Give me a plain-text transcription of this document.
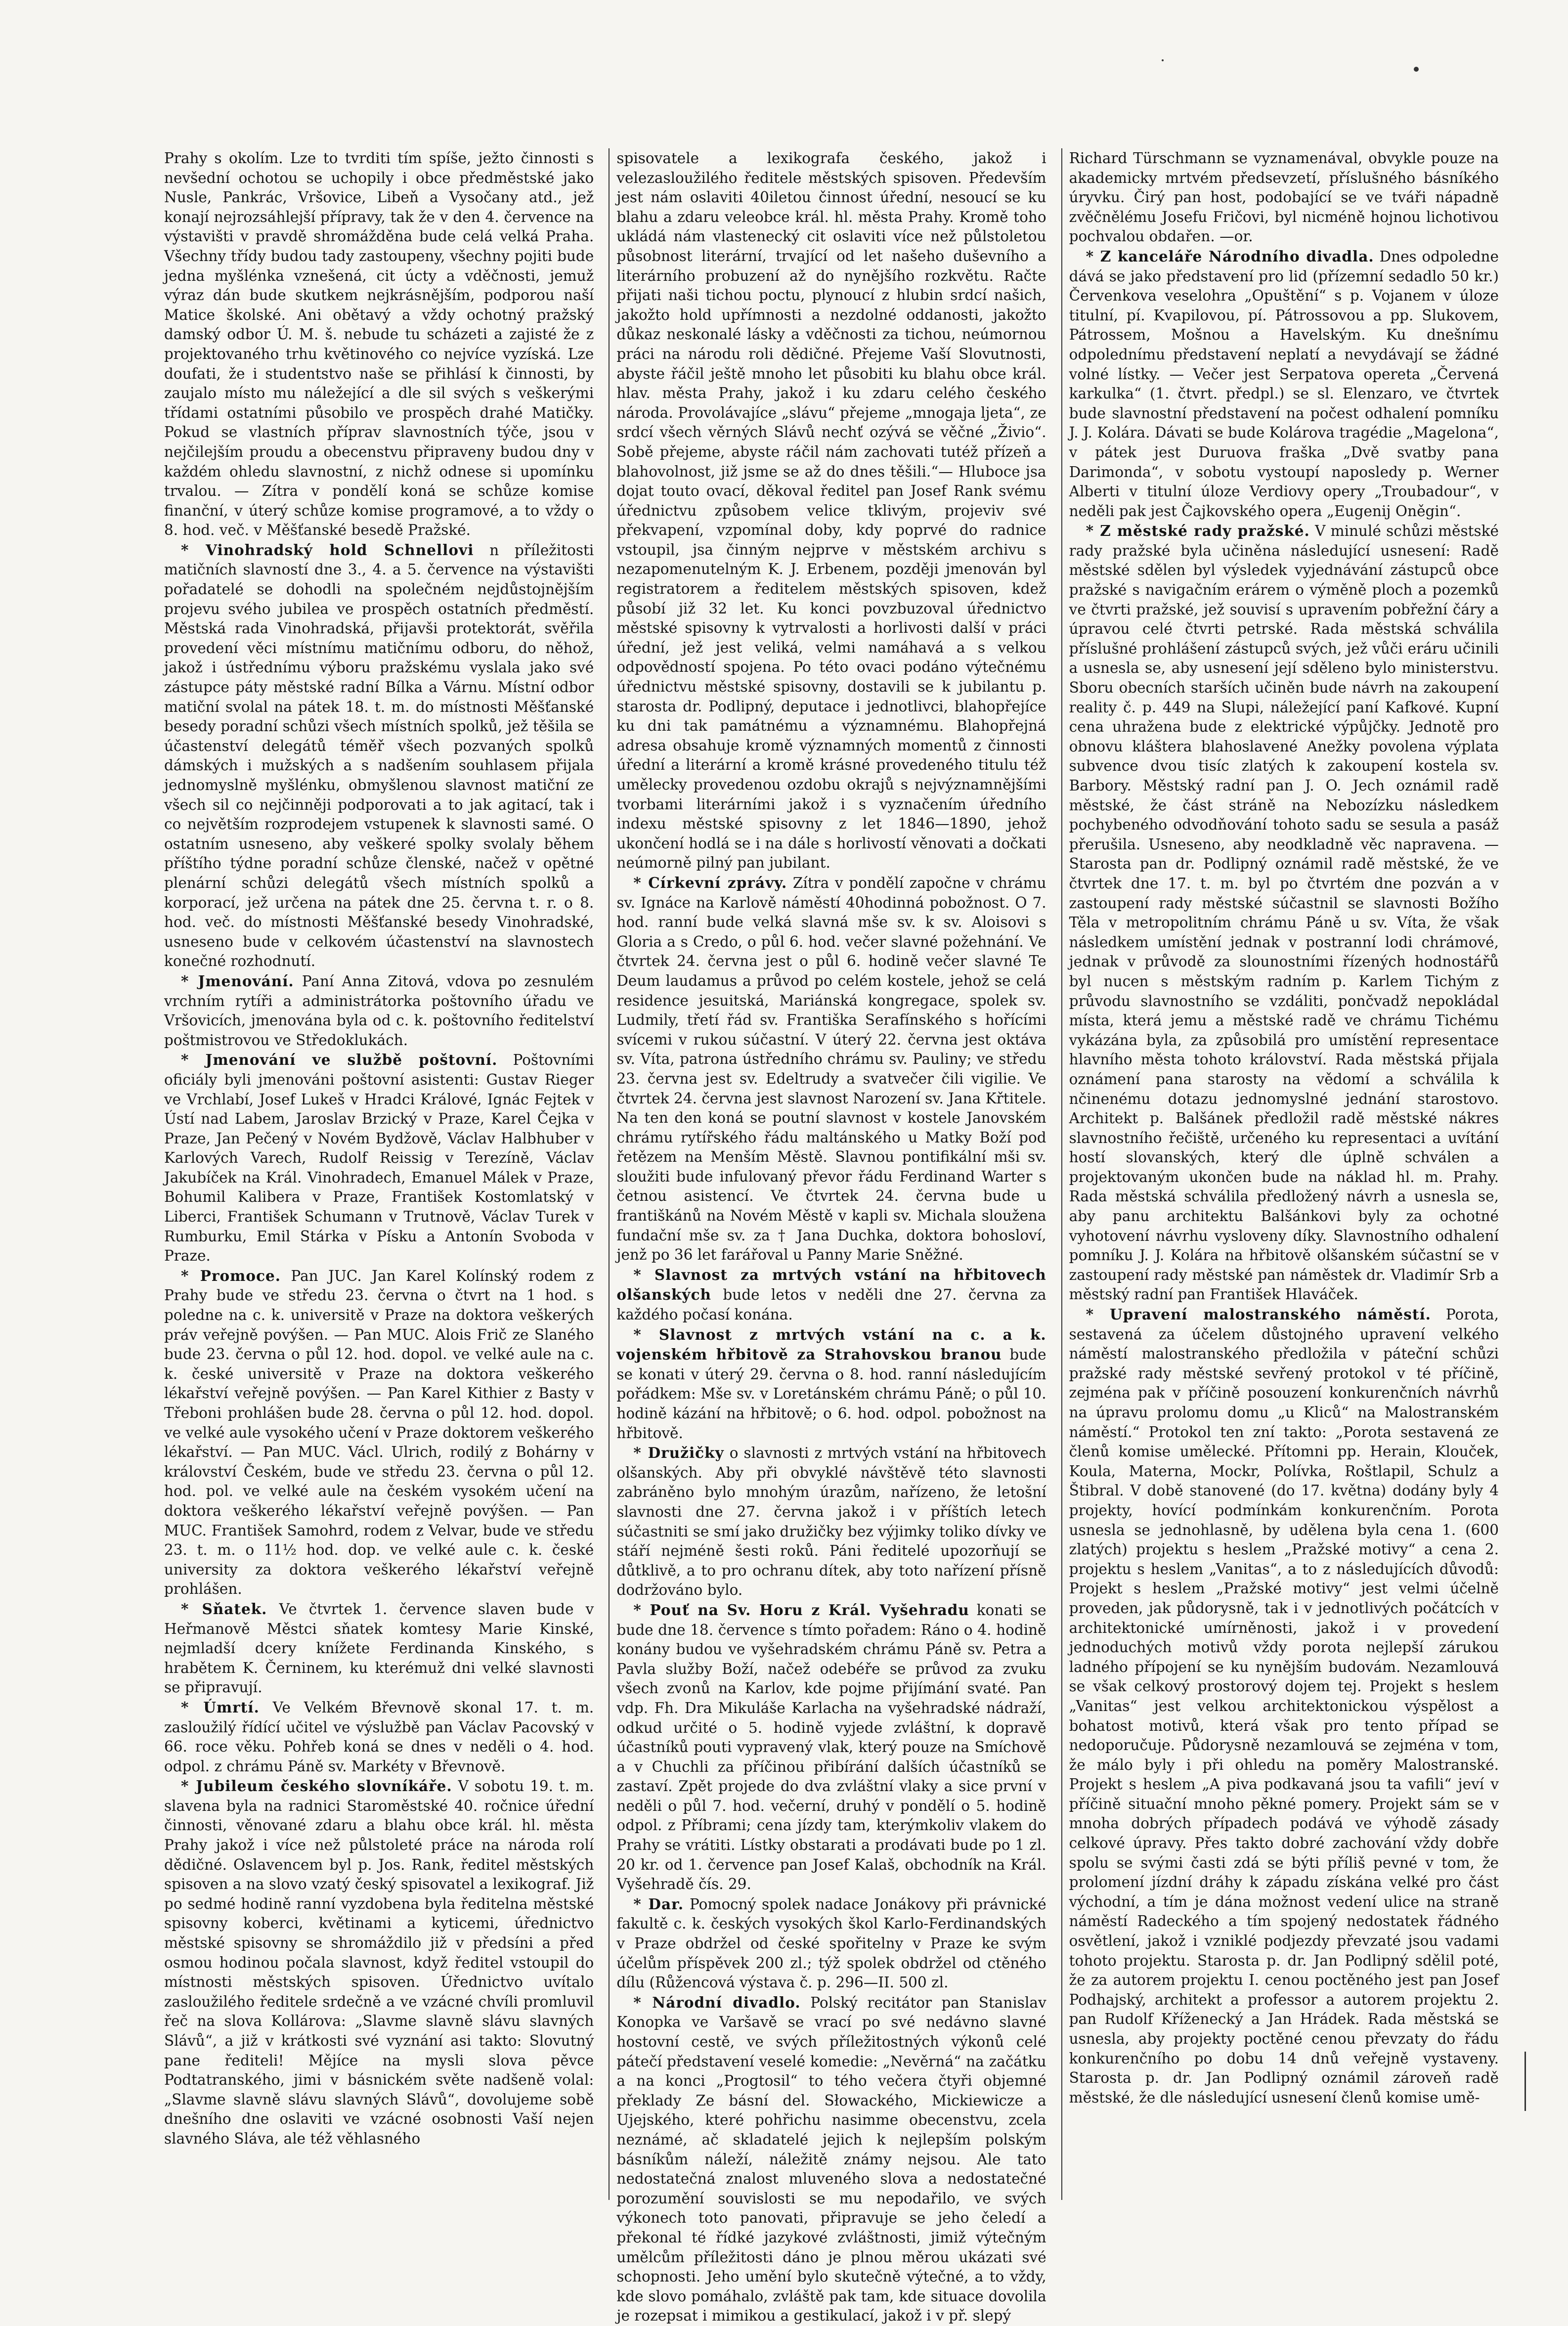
Prahy s okolím. Lze to tvrditi tím spíše, ježto činnosti s nevšední ochotou se uchopily i obce předměstské jako Nusle, Pankrác, Vršovice, Libeň a Vysočany atd., jež konají nejrozsáhlejší přípravy, tak že v den 4. července na výstavišti v pravdě shromážděna bude celá velká Praha. Všechny třídy budou tady zastoupeny, všechny pojiti bude jedna myšlénka vznešená, cit úcty a vděčnosti, jemuž výraz dán bude skutkem nejkrásnějším, podporou naší Matice školské. Ani obětavý a vždy ochotný pražský damský odbor Ú. M. š. nebude tu scházeti a zajisté že z projektovaného trhu květinového co nejvíce vyzíská. Lze doufati, že i studentstvo naše se přihlásí k činnosti, by zaujalo místo mu náležející a dle sil svých s veškerými třídami ostatními působilo ve prospěch drahé Matičky. Pokud se vlastních příprav slavnostních týče, jsou v nejčilejším proudu a obecenstvu připraveny budou dny v každém ohledu slavnostní, z nichž odnese si upomínku trvalou. — Zítra v pondělí koná se schůze komise finanční, v úterý schůze komise programové, a to vždy o 8. hod. več. v Měšťanské besedě Pražské.

* Vinohradský hold Schnellovi n příležitosti matičních slavností dne 3., 4. a 5. července na výstavišti pořadatelé se dohodli na společném nejdůstojnějším projevu svého jubilea ve prospěch ostatních předměstí. Městská rada Vinohradská, přijavši protektorát, svěřila provedení věci místnímu matičnímu odboru, do něhož, jakož i ústřednímu výboru pražskému vyslala jako své zástupce páty městské radní Bílka a Várnu. Místní odbor matiční svolal na pátek 18. t. m. do místnosti Měšťanské besedy poradní schůzi všech místních spolků, jež těšila se účastenství delegátů téměř všech pozvaných spolků dámských i mužských a s nadšením souhlasem přijala jednomyslně myšlénku, obmyšlenou slavnost matiční ze všech sil co nejčinněji podporovati a to jak agitací, tak i co největším rozprodejem vstupenek k slavnosti samé. O ostatním usneseno, aby veškeré spolky svolaly během příštího týdne poradní schůze členské, načež v opětné plenární schůzi delegátů všech místních spolků a korporací, jež určena na pátek dne 25. června t. r. o 8. hod. več. do místnosti Měšťanské besedy Vinohradské, usneseno bude v celkovém účastenství na slavnostech konečné rozhodnutí.

* Jmenování. Paní Anna Zitová, vdova po zesnulém vrchním rytíři a administrátorka poštovního úřadu ve Vršovicích, jmenována byla od c. k. poštovního ředitelství poštmistrovou ve Středoklukách.

* Jmenování ve službě poštovní. Poštovními oficiály byli jmenováni poštovní asistenti: Gustav Rieger ve Vrchlabí, Josef Lukeš v Hradci Králové, Ignác Fejtek v Ústí nad Labem, Jaroslav Brzický v Praze, Karel Čejka v Praze, Jan Pečený v Novém Bydžově, Václav Halbhuber v Karlových Varech, Rudolf Reissig v Terezíně, Václav Jakubíček na Král. Vinohradech, Emanuel Málek v Praze, Bohumil Kaliberа v Praze, František Kostomlatský v Liberci, František Schumann v Trutnově, Václav Turek v Rumburku, Emil Stárka v Písku a Antonín Svoboda v Praze.

* Promoce. Pan JUC. Jan Karel Kolínský rodem z Prahy bude ve středu 23. června o čtvrt na 1 hod. s poledne na c. k. universitě v Praze na doktora veškerých práv veřejně povýšen. — Pan MUC. Alois Frič ze Slaného bude 23. června o půl 12. hod. dopol. ve velké aule na c. k. české universitě v Praze na doktora veškerého lékařství veřejně povýšen. — Pan Karel Kithier z Basty v Třeboni prohlášen bude 28. června o půl 12. hod. dopol. ve velké aule vysokého učení v Praze doktorem veškerého lékařství. — Pan MUC. Václ. Ulrich, rodilý z Bohárny v království Českém, bude ve středu 23. června o půl 12. hod. pol. ve velké aule na českém vysokém učení na doktora veškerého lékařství veřejně povýšen. — Pan MUC. František Samohrd, rodem z Velvar, bude ve středu 23. t. m. o 11½ hod. dop. ve velké aule c. k. české university za doktora veškerého lékařství veřejně prohlášen.

* Sňatek. Ve čtvrtek 1. července slaven bude v Heřmanově Městci sňatek komtesy Marie Kinské, nejmladší dcery knížete Ferdinanda Kinského, s hrabětem K. Černinem, ku kterémuž dni velké slavnosti se připravují.

* Úmrtí. Ve Velkém Břevnově skonal 17. t. m. zasloužilý řídící učitel ve výslužbě pan Václav Pacovský v 66. roce věku. Pohřeb koná se dnes v neděli o 4. hod. odpol. z chrámu Páně sv. Markéty v Břevnově.

* Jubileum českého slovníkáře. V sobotu 19. t. m. slavena byla na radnici Staroměstské 40. ročnice úřední činnosti, věnované zdaru a blahu obce král. hl. města Prahy jakož i více než půlstoleté práce na národa rolí dědičné. Oslavencem byl p. Jos. Rank, ředitel městských spisoven a na slovo vzatý český spisovatel a lexikograf. Již po sedmé hodině ranní vyzdobena byla ředitelna městské spisovny koberci, květinami a kyticemi, úřednictvo městské spisovny se shromáždilo již v předsíni a před osmou hodinou počala slavnost, když ředitel vstoupil do místnosti městských spisoven. Úřednictvo uvítalo zasloužilého ředitele srdečně a ve vzácné chvíli promluvil řeč na slova Kollárova: „Slavme slavně slávu slavných Slávů“, a již v krátkosti své vyznání asi takto: Slovutný pane řediteli! Mějíce na mysli slova pěvce Podtatranského, jimi v básnickém světe nadšeně volal: „Slavme slavně slávu slavných Slávů“, dovolujeme sobě dnešního dne oslaviti ve vzácné osobnosti Vaší nejen slavného Sláva, ale též věhlasného

spisovatele a lexikografa českého, jakož i velezasloužilého ředitele městských spisoven. Především jest nám oslaviti 40iletou činnost úřední, nesoucí se ku blahu a zdaru veleobce král. hl. města Prahy. Kromě toho ukládá nám vlastenecký cit oslaviti více než půlstoletou působnost literární, trvající od let našeho duševního a literárního probuzení až do nynějšího rozkvětu. Račte přijati naši tichou poctu, plynoucí z hlubin srdcí našich, jakožto hold upřímnosti a nezdolné oddanosti, jakožto důkaz neskonalé lásky a vděčnosti za tichou, neúmornou práci na národu roli dědičné. Přejeme Vaší Slovutnosti, abyste řáčil ještě mnoho let působiti ku blahu obce král. hlav. města Prahy, jakož i ku zdaru celého českého národa. Provolávajíce „slávu“ přejeme „mnogaja ljeta“, ze srdcí všech věrných Slávů nechť ozývá se věčné „Živio“. Sobě přejeme, abyste ráčil nám zachovati tutéž přízeň a blahovolnost, již jsme se až do dnes těšili.“— Hluboce jsa dojat touto ovací, děkoval ředitel pan Josef Rank svému úřednictvu způsobem velice tklivým, projeviv své překvapení, vzpomínal doby, kdy poprvé do radnice vstoupil, jsa činným nejprve v městském archivu s nezapomenutelným K. J. Erbenem, později jmenován byl registratorem a ředitelem městských spisoven, kdež působí již 32 let. Ku konci povzbuzoval úřednictvo městské spisovny k vytrvalosti a horlivosti další v práci úřední, jež jest veliká, velmi namáhavá a s velkou odpovědností spojena. Po této ovaci podáno výtečnému úřednictvu městské spisovny, dostavili se k jubilantu p. starosta dr. Podlipný, deputace i jednotlivci, blahopřejíce ku dni tak památnému a významnému. Blahopřejná adresa obsahuje kromě významných momentů z činnosti úřední a literární a kromě krásné provedeného titulu též umělecky provedenou ozdobu okrajů s nejvýznamnějšími tvorbami literárními jakož i s vyznačením úředního indexu městské spisovny z let 1846—1890, jehož ukončení hodlá se i na dále s horlivostí věnovati a dočkati neúmorně pilný pan jubilant.

* Církevní zprávy. Zítra v pondělí započne v chrámu sv. Ignáce na Karlově náměstí 40hodinná pobožnost. O 7. hod. ranní bude velká slavná mše sv. k sv. Aloisovi s Gloria a s Credo, o půl 6. hod. večer slavné požehnání. Ve čtvrtek 24. června jest o půl 6. hodině večer slavné Te Deum laudamus a průvod po celém kostele, jehož se celá residence jesuitská, Mariánská kongregace, spolek sv. Ludmily, třetí řád sv. Františka Serafínského s hořícími svícemi v rukou súčastní. V úterý 22. června jest oktáva sv. Víta, patrona ústředního chrámu sv. Pauliny; ve středu 23. června jest sv. Edeltrudy a svatvečer čili vigilie. Ve čtvrtek 24. června jest slavnost Narození sv. Jana Křtitele. Na ten den koná se poutní slavnost v kostele Janovském chrámu rytířského řádu maltánského u Matky Boží pod řetězem na Menším Městě. Slavnou pontifikální mši sv. sloužiti bude infulovaný převor řádu Ferdinand Warter s četnou asistencí. Ve čtvrtek 24. června bude u františkánů na Novém Městě v kapli sv. Michala sloužena fundační mše sv. za † Jana Duchka, doktora bohosloví, jenž po 36 let farářoval u Panny Marie Sněžné.

* Slavnost za mrtvých vstání na hřbitovech olšanských bude letos v neděli dne 27. června za každého počasí konána.

* Slavnost z mrtvých vstání na c. a k. vojenském hřbitově za Strahovskou branou bude se konati v úterý 29. června o 8. hod. ranní následujícím pořádkem: Mše sv. v Loretánském chrámu Páně; o půl 10. hodině kázání na hřbitově; o 6. hod. odpol. pobožnost na hřbitově.

* Družičky o slavnosti z mrtvých vstání na hřbitovech olšanských. Aby při obvyklé návštěvě této slavnosti zabráněno bylo mnohým úrazům, nařízeno, že letošní slavnosti dne 27. června jakož i v příštích letech súčastniti se smí jako družičky bez výjimky toliko dívky ve stáří nejméně šesti roků. Páni ředitelé upozorňují se důtklivě, a to pro ochranu dítek, aby toto nařízení přísně dodržováno bylo.

* Pouť na Sv. Horu z Král. Vyšehradu konati se bude dne 18. července s tímto pořadem: Ráno o 4. hodině konány budou ve vyšehradském chrámu Páně sv. Petra a Pavla služby Boží, načež odebéře se průvod za zvuku všech zvonů na Karlov, kde pojme přijímání svaté. Pan vdp. Fh. Dra Mikuláše Karlacha na vyšehradské nádraží, odkud určité o 5. hodině vyjede zvláštní, k dopravě účastníků pouti vypravený vlak, který pouze na Smíchově a v Chuchli za příčinou přibírání dalších účastníků se zastaví. Zpět projede do dva zvláštní vlaky a sice první v neděli o půl 7. hod. večerní, druhý v pondělí o 5. hodině odpol. z Příbrami; cena jízdy tam, kterýmkoliv vlakem do Prahy se vrátiti. Lístky obstarati a prodávati bude po 1 zl. 20 kr. od 1. července pan Josef Kalaš, obchodník na Král. Vyšehradě čís. 29.

* Dar. Pomocný spolek nadace Jonákovy při právnické fakultě c. k. českých vysokých škol Karlo-Ferdinandských v Praze obdržel od české spořitelny v Praze ke svým účelům příspěvek 200 zl.; týž spolek obdržel od ctěného dílu (Růžencová výstava č. p. 296—II. 500 zl.

* Národní divadlo. Polský recitátor pan Stanislav Konopka ve Varšavě se vrací po své nedávno slavné hostovní cestě, ve svých příležitostných výkonů celé pátečí představení veselé komedie: „Nevěrná“ na začátku a na konci „Progtosil“ to tého večera čtyři objemné překlady Ze básní del. Słowackého, Mickiewicze a Ujejského, které pohřichu nasimme obecenstvu, zcela neznámé, ač skladatelé jejich k nejlepším polským básníkům náleží, náležitě známy nejsou. Ale tato nedostatečná znalost mluveného slova a nedostatečné porozumění souvislosti se mu nepodařilo, ve svých výkonech toto panovati, připravuje se jeho čeledí a překonal té řídké jazykové zvláštnosti, jimiž výtečným umělcům příležitosti dáno je plnou měrou ukázati své schopnosti. Jeho umění bylo skutečně výtečné, a to vždy, kde slovo pomáhalo, zvláště pak tam, kde situace dovolila je rozepsat i mimikou a gestikulací, jakož i v př. slepý

Richard Türschmann se vyznamenával, obvykle pouze na akademicky mrtvém předsevzetí, příslušného básníkého úryvku. Čirý pan host, podobající se ve tváři nápadně zvěčnělému Josefu Fričovi, byl nicméně hojnou lichotivou pochvalou obdařen. —or.

* Z kanceláře Národního divadla. Dnes odpoledne dává se jako představení pro lid (přízemní sedadlo 50 kr.) Červenkova veselohra „Opuštění“ s p. Vojanem v úloze titulní, pí. Kvapilovou, pí. Pátrossovou a pp. Slukovem, Pátrossem, Mošnou a Havelským. Ku dnešnímu odpolednímu představení neplatí a nevydávají se žádné volné lístky. — Večer jest Serpatova opereta „Červená karkulka“ (1. čtvrt. předpl.) se sl. Elenzaro, ve čtvrtek bude slavnostní představení na počest odhalení pomníku J. J. Kolára. Dávati se bude Kolárova tragédie „Magelona“, v pátek jest Duruova fraška „Dvě svatby pana Darimonda“, v sobotu vystoupí naposledy p. Werner Alberti v titulní úloze Verdiovy opery „Troubadour“, v neděli pak jest Čajkovského opera „Eugenij Oněgin“.

* Z městské rady pražské. V minulé schůzi městské rady pražské byla učiněna následující usnesení: Radě městské sdělen byl výsledek vyjednávání zástupců obce pražské s navigačním erárem o výměně ploch a pozemků ve čtvrti pražské, jež souvisí s upravením pobřežní čáry a úpravou celé čtvrti petrské. Rada městská schválila příslušné prohlášení zástupců svých, jež vůči eráru učinili a usnesla se, aby usnesení její sděleno bylo ministerstvu. Sboru obecních starších učiněn bude návrh na zakoupení reality č. p. 449 na Slupi, náležející paní Kafkové. Kupní cena uhražena bude z elektrické výpůjčky. Jednotě pro obnovu kláštera blahoslavené Anežky povolena výplata subvence dvou tisíc zlatých k zakoupení kostela sv. Barbory. Městský radní pan J. O. Jech oznámil radě městské, že část stráně na Nebozízku následkem pochybeného odvodňování tohoto sadu se sesula a pasáž přerušila. Usneseno, aby neodkladně věc napravena. — Starosta pan dr. Podlipný oznámil radě městské, že ve čtvrtek dne 17. t. m. byl po čtvrtém dne pozván a v zastoupení rady městské súčastnil se slavnosti Božího Těla v metropolitním chrámu Páně u sv. Víta, že však následkem umístění jednak v postranní lodi chrámové, jednak v průvodě za slounostními řízených hodnostářů byl nucen s městským radním p. Karlem Tichým z průvodu slavnostního se vzdáliti, pončvadž nepokládal místa, která jemu a městské radě ve chrámu Tichému vykázána byla, za způsobilá pro umístění representace hlavního města tohoto království. Rada městská přijala oznámení pana starosty na vědomí a schválila k nčinenému dotazu jednomyslné jednání starostovo. Architekt p. Balšánek předložil radě městské nákres slavnostního řečiště, určeného ku representaci a uvítání hostí slovanských, který dle úplně schválen a projektovaným ukončen bude na náklad hl. m. Prahy. Rada městská schválila předložený návrh a usnesla se, aby panu architektu Balšánkovi byly za ochotné vyhotovení návrhu vysloveny díky. Slavnostního odhalení pomníku J. J. Kolára na hřbitově olšanském súčastní se v zastoupení rady městské pan náměstek dr. Vladimír Srb a městský radní pan František Hlaváček.

* Upravení malostranského náměstí. Porota, sestavená za účelem důstojného upravení velkého náměstí malostranského předložila v páteční schůzi pražské rady městské sevřený protokol v té příčině, zejména pak v příčině posouzení konkurenčních návrhů na úpravu prolomu domu „u Kliců“ na Malostranském náměstí.“ Protokol ten zní takto: „Porota sestavená ze členů komise umělecké. Přítomni pp. Herain, Klouček, Koula, Materna, Mockr, Polívka, Roštlapil, Schulz a Štibral. V době stanovené (do 17. května) dodány byly 4 projekty, hovící podmínkám konkurenčním. Porota usnesla se jednohlasně, by udělena byla cena 1. (600 zlatých) projektu s heslem „Pražské motivy“ a cena 2. projektu s heslem „Vanitas“, a to z následujících důvodů: Projekt s heslem „Pražské motivy“ jest velmi účelně proveden, jak půdorysně, tak i v jednotlivých počátcích v architektonické umírněnosti, jakož i v provedení jednoduchých motivů vždy porota nejlepší zárukou ladného přípojení se ku nynějším budovám. Nezamlouvá se však celkový prostorový dojem tej. Projekt s heslem „Vanitas“ jest velkou architektonickou výspělost a bohatost motivů, která však pro tento případ se nedoporučuje. Půdorysně nezamlouvá se zejména v tom, že málo byly i při ohledu na poměry Malostranské. Projekt s heslem „A piva podkavaná jsou ta vafili“ jeví v příčině situační mnoho pěkné pomery. Projekt sám se v mnoha dobrých případech podává ve výhodě zásady celkové úpravy. Přes takto dobré zachování vždy dobře spolu se svými časti zdá se býti příliš pevné v tom, že prolomení jízdní dráhy k západu získána velké pro část východní, a tím je dána možnost vedení ulice na straně náměstí Radeckého a tím spojený nedostatek řádného osvětlení, jakož i vzniklé podjezdy převzaté jsou vadami tohoto projektu. Starosta p. dr. Jan Podlipný sdělil poté, že za autorem projektu I. cenou poctěného jest pan Josef Podhajský, architekt a professor a autorem projektu 2. pan Rudolf Kříženecký a Jan Hrádek. Rada městská se usnesla, aby projekty poctěné cenou převzaty do řádu konkurenčního po dobu 14 dnů veřejně vystaveny. Starosta p. dr. Jan Podlipný oznámil zároveň radě městské, že dle následující usnesení členů komise umě-
